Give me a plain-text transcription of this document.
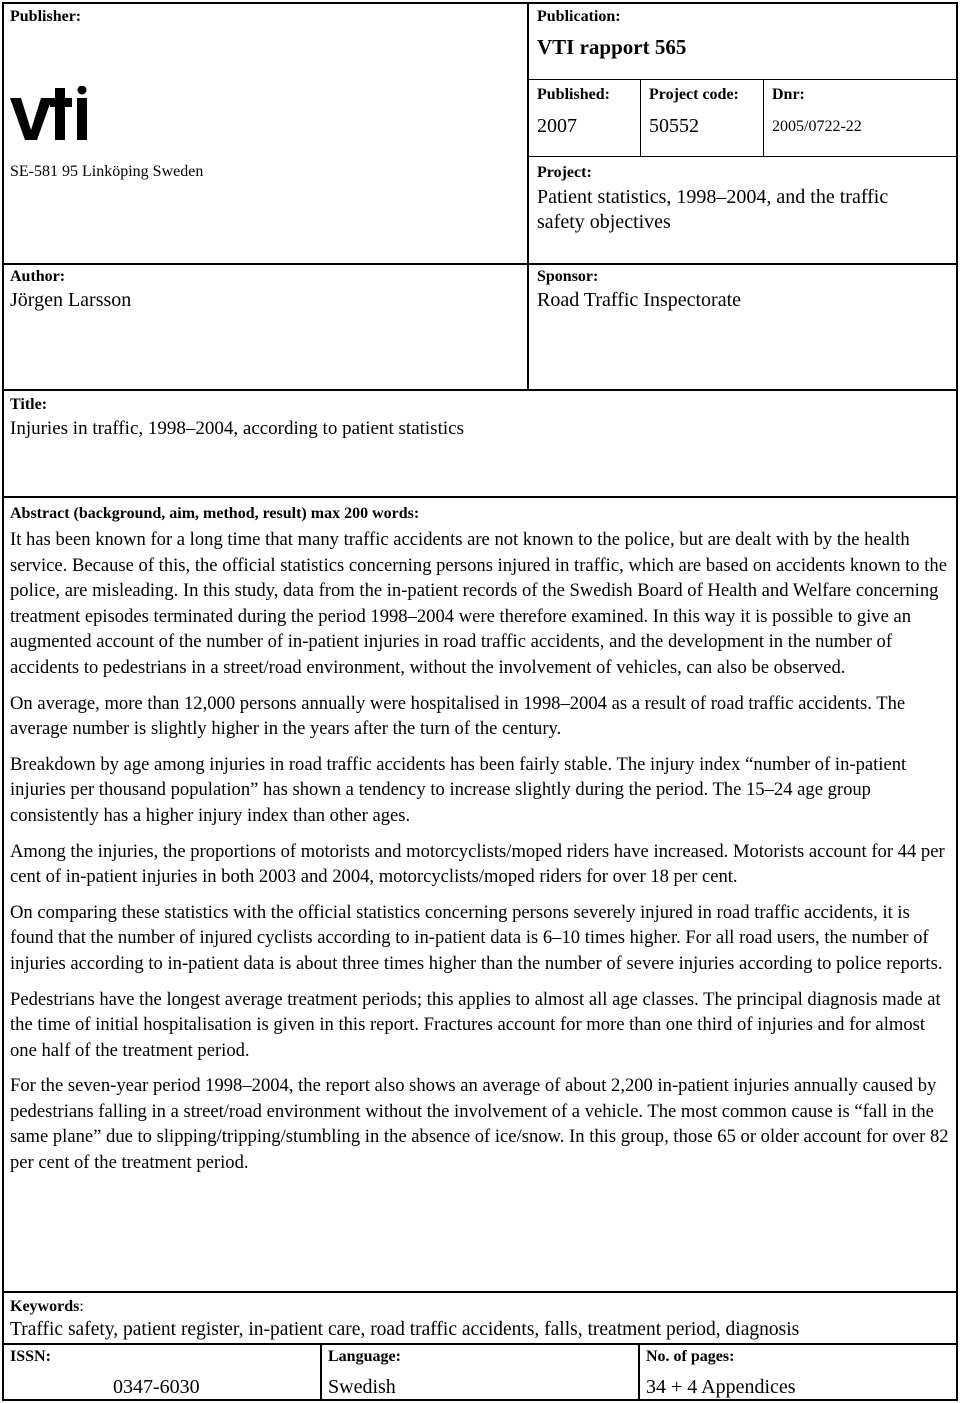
Publisher:
SE-581 95 Linköping Sweden
Publication:
VTI rapport 565
Published:
2007
Project code:
50552
Dnr:
2005/0722-22
Project:
Patient statistics, 1998–2004, and the traffic
safety objectives
Author:
Jörgen Larsson
Sponsor:
Road Traffic Inspectorate
Title:
Injuries in traffic, 1998–2004, according to patient statistics
Abstract (background, aim, method, result) max 200 words:

It has been known for a long time that many traffic accidents are not known to the police, but are dealt with by the health service. Because of this, the official statistics concerning persons injured in traffic, which are based on accidents known to the police, are misleading. In this study, data from the in-patient records of the Swedish Board of Health and Welfare concerning treatment episodes terminated during the period 1998–2004 were therefore examined. In this way it is possible to give an augmented account of the number of in-patient injuries in road traffic accidents, and the development in the number of accidents to pedestrians in a street/road environment, without the involvement of vehicles, can also be observed.

On average, more than 12,000 persons annually were hospitalised in 1998–2004 as a result of road traffic accidents. The average number is slightly higher in the years after the turn of the century.

Breakdown by age among injuries in road traffic accidents has been fairly stable. The injury index “number of in-patient injuries per thousand population” has shown a tendency to increase slightly during the period. The 15–24 age group consistently has a higher injury index than other ages.

Among the injuries, the proportions of motorists and motorcyclists/moped riders have increased. Motorists account for 44 per cent of in-patient injuries in both 2003 and 2004, motorcyclists/moped riders for over 18 per cent.

On comparing these statistics with the official statistics concerning persons severely injured in road traffic accidents, it is found that the number of injured cyclists according to in-patient data is 6–10 times higher. For all road users, the number of injuries according to in-patient data is about three times higher than the number of severe injuries according to police reports.

Pedestrians have the longest average treatment periods; this applies to almost all age classes. The principal diagnosis made at the time of initial hospitalisation is given in this report. Fractures account for more than one third of injuries and for almost one half of the treatment period.

For the seven-year period 1998–2004, the report also shows an average of about 2,200 in-patient injuries annually caused by pedestrians falling in a street/road environment without the involvement of a vehicle. The most common cause is “fall in the same plane” due to slipping/tripping/stumbling in the absence of ice/snow. In this group, those 65 or older account for over 82 per cent of the treatment period.

Keywords:
Traffic safety, patient register, in-patient care, road traffic accidents, falls, treatment period, diagnosis
ISSN:
0347-6030
Language:
Swedish
No. of pages:
34 + 4 Appendices
